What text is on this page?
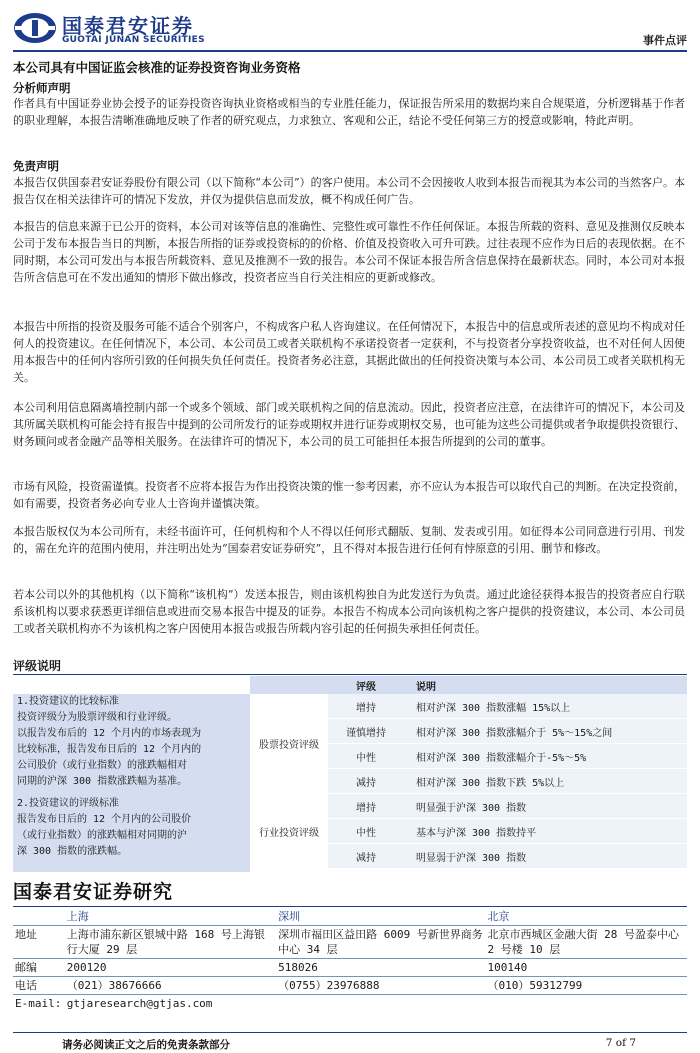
国泰君安证券
GUOTAI JUNAN SECURITIES	事件点评
本公司具有中国证监会核准的证券投资咨询业务资格
分析师声明

作者具有中国证券业协会授予的证券投资咨询执业资格或相当的专业胜任能力，保证报告所采用的数据均来自合规渠道，分析逻辑基于作者的职业理解，本报告清晰准确地反映了作者的研究观点，力求独立、客观和公正，结论不受任何第三方的授意或影响，特此声明。

免责声明

本报告仅供国泰君安证券股份有限公司（以下简称“本公司”）的客户使用。本公司不会因接收人收到本报告而视其为本公司的当然客户。本报告仅在相关法律许可的情况下发放，并仅为提供信息而发放，概不构成任何广告。

本报告的信息来源于已公开的资料，本公司对该等信息的准确性、完整性或可靠性不作任何保证。本报告所载的资料、意见及推测仅反映本公司于发布本报告当日的判断，本报告所指的证券或投资标的的价格、价值及投资收入可升可跌。过往表现不应作为日后的表现依据。在不同时期，本公司可发出与本报告所载资料、意见及推测不一致的报告。本公司不保证本报告所含信息保持在最新状态。同时，本公司对本报告所含信息可在不发出通知的情形下做出修改，投资者应当自行关注相应的更新或修改。

本报告中所指的投资及服务可能不适合个别客户，不构成客户私人咨询建议。在任何情况下，本报告中的信息或所表述的意见均不构成对任何人的投资建议。在任何情况下，本公司、本公司员工或者关联机构不承诺投资者一定获利，不与投资者分享投资收益，也不对任何人因使用本报告中的任何内容所引致的任何损失负任何责任。投资者务必注意，其据此做出的任何投资决策与本公司、本公司员工或者关联机构无关。

本公司利用信息隔离墙控制内部一个或多个领域、部门或关联机构之间的信息流动。因此，投资者应注意，在法律许可的情况下，本公司及其所属关联机构可能会持有报告中提到的公司所发行的证券或期权并进行证券或期权交易，也可能为这些公司提供或者争取提供投资银行、财务顾问或者金融产品等相关服务。在法律许可的情况下，本公司的员工可能担任本报告所提到的公司的董事。

市场有风险，投资需谨慎。投资者不应将本报告为作出投资决策的惟一参考因素，亦不应认为本报告可以取代自己的判断。在决定投资前，如有需要，投资者务必向专业人士咨询并谨慎决策。

本报告版权仅为本公司所有，未经书面许可，任何机构和个人不得以任何形式翻版、复制、发表或引用。如征得本公司同意进行引用、刊发的，需在允许的范围内使用，并注明出处为“国泰君安证券研究”，且不得对本报告进行任何有悖原意的引用、删节和修改。

若本公司以外的其他机构（以下简称“该机构”）发送本报告，则由该机构独自为此发送行为负责。通过此途径获得本报告的投资者应自行联系该机构以要求获悉更详细信息或进而交易本报告中提及的证券。本报告不构成本公司向该机构之客户提供的投资建议，本公司、本公司员工或者关联机构亦不为该机构之客户因使用本报告或报告所载内容引起的任何损失承担任何责任。

评级说明
1.投资建议的比较标准
投资评级分为股票评级和行业评级。
以报告发布后的 12 个月内的市场表现为
比较标准，报告发布日后的 12 个月内的
公司股价（或行业指数）的涨跌幅相对
同期的沪深 300 指数涨跌幅为基准。
2.投资建议的评级标准
报告发布日后的 12 个月内的公司股价
（或行业指数）的涨跌幅相对同期的沪
深 300 指数的涨跌幅。
	评级	说明
股票投资评级	增持	相对沪深 300 指数涨幅 15%以上
	谨慎增持	相对沪深 300 指数涨幅介于 5%～15%之间
	中性	相对沪深 300 指数涨幅介于-5%～5%
	减持	相对沪深 300 指数下跌 5%以上
行业投资评级	增持	明显强于沪深 300 指数
	中性	基本与沪深 300 指数持平
	减持	明显弱于沪深 300 指数
国泰君安证券研究
	上海	深圳	北京
地址	上海市浦东新区银城中路 168 号上海银行大厦 29 层	深圳市福田区益田路 6009 号新世界商务中心 34 层	北京市西城区金融大街 28 号盈泰中心 2 号楼 10 层
邮编	200120	518026	100140
电话	（021）38676666	（0755）23976888	（010）59312799
E-mail:	gtjaresearch@gtjas.com		
请务必阅读正文之后的免责条款部分	7 of 7
